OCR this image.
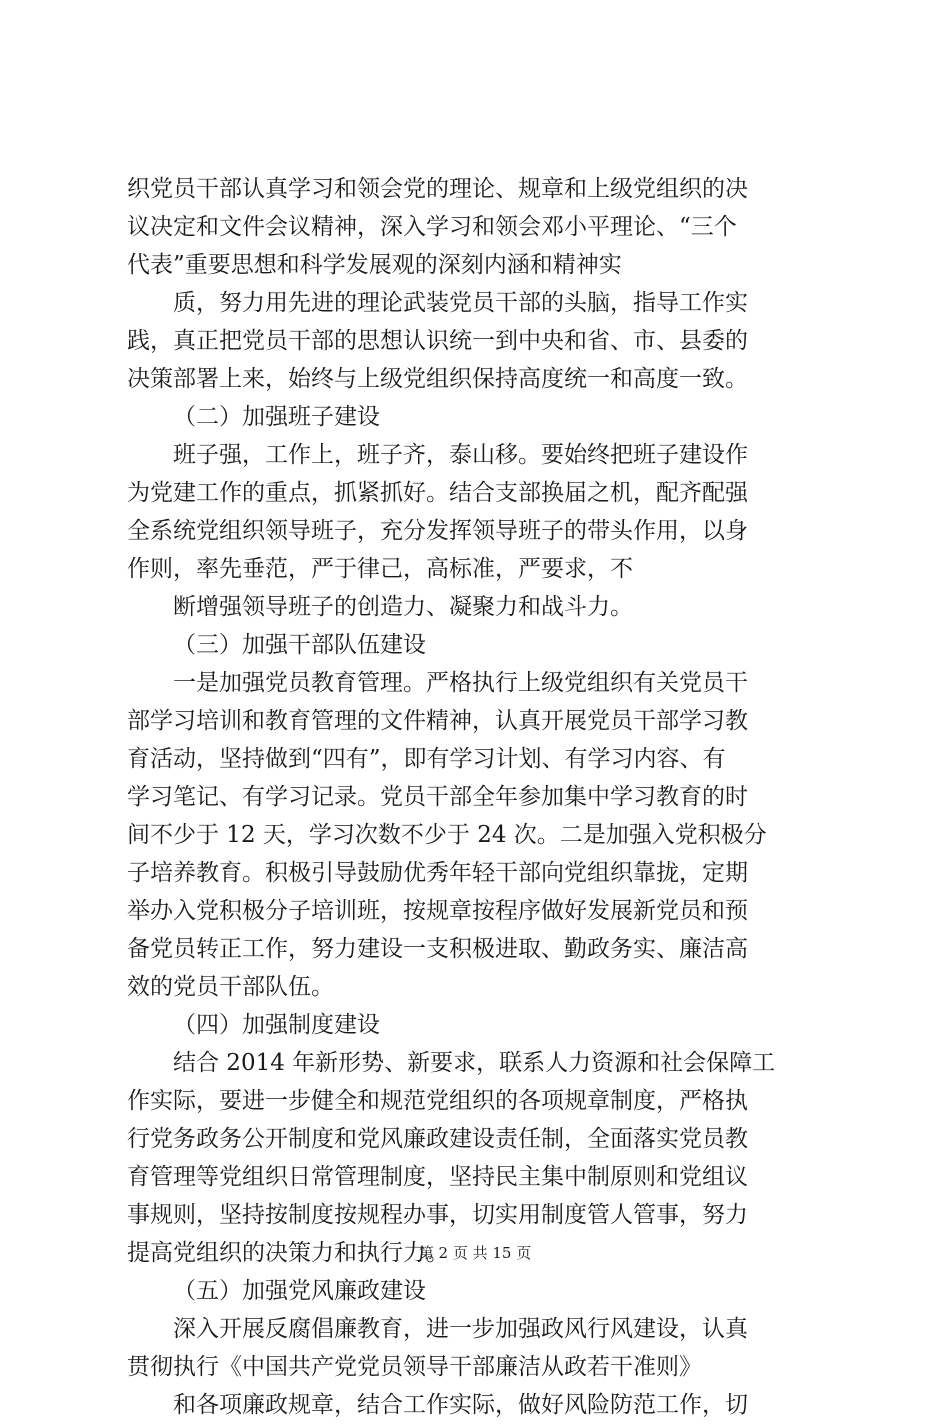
织党员干部认真学习和领会党的理论、规章和上级党组织的决
议决定和文件会议精神，深入学习和领会邓小平理论、“三个
代表”重要思想和科学发展观的深刻内涵和精神实
质，努力用先进的理论武装党员干部的头脑，指导工作实
践，真正把党员干部的思想认识统一到中央和省、市、县委的
决策部署上来，始终与上级党组织保持高度统一和高度一致。
（二）加强班子建设
班子强，工作上，班子齐，泰山移。要始终把班子建设作
为党建工作的重点，抓紧抓好。结合支部换届之机，配齐配强
全系统党组织领导班子，充分发挥领导班子的带头作用，以身
作则，率先垂范，严于律己，高标准，严要求，不
断增强领导班子的创造力、凝聚力和战斗力。
（三）加强干部队伍建设
一是加强党员教育管理。严格执行上级党组织有关党员干
部学习培训和教育管理的文件精神，认真开展党员干部学习教
育活动，坚持做到“四有”，即有学习计划、有学习内容、有
学习笔记、有学习记录。党员干部全年参加集中学习教育的时
间不少于 12 天，学习次数不少于 24 次。二是加强入党积极分
子培养教育。积极引导鼓励优秀年轻干部向党组织靠拢，定期
举办入党积极分子培训班，按规章按程序做好发展新党员和预
备党员转正工作，努力建设一支积极进取、勤政务实、廉洁高
效的党员干部队伍。
（四）加强制度建设
结合 2014 年新形势、新要求，联系人力资源和社会保障工
作实际，要进一步健全和规范党组织的各项规章制度，严格执
行党务政务公开制度和党风廉政建设责任制，全面落实党员教
育管理等党组织日常管理制度，坚持民主集中制原则和党组议
事规则，坚持按制度按规程办事，切实用制度管人管事，努力
提高党组织的决策力和执行力。
（五）加强党风廉政建设
深入开展反腐倡廉教育，进一步加强政风行风建设，认真
贯彻执行《中国共产党党员领导干部廉洁从政若干准则》
和各项廉政规章，结合工作实际，做好风险防范工作，切
第 2 页 共 15 页
